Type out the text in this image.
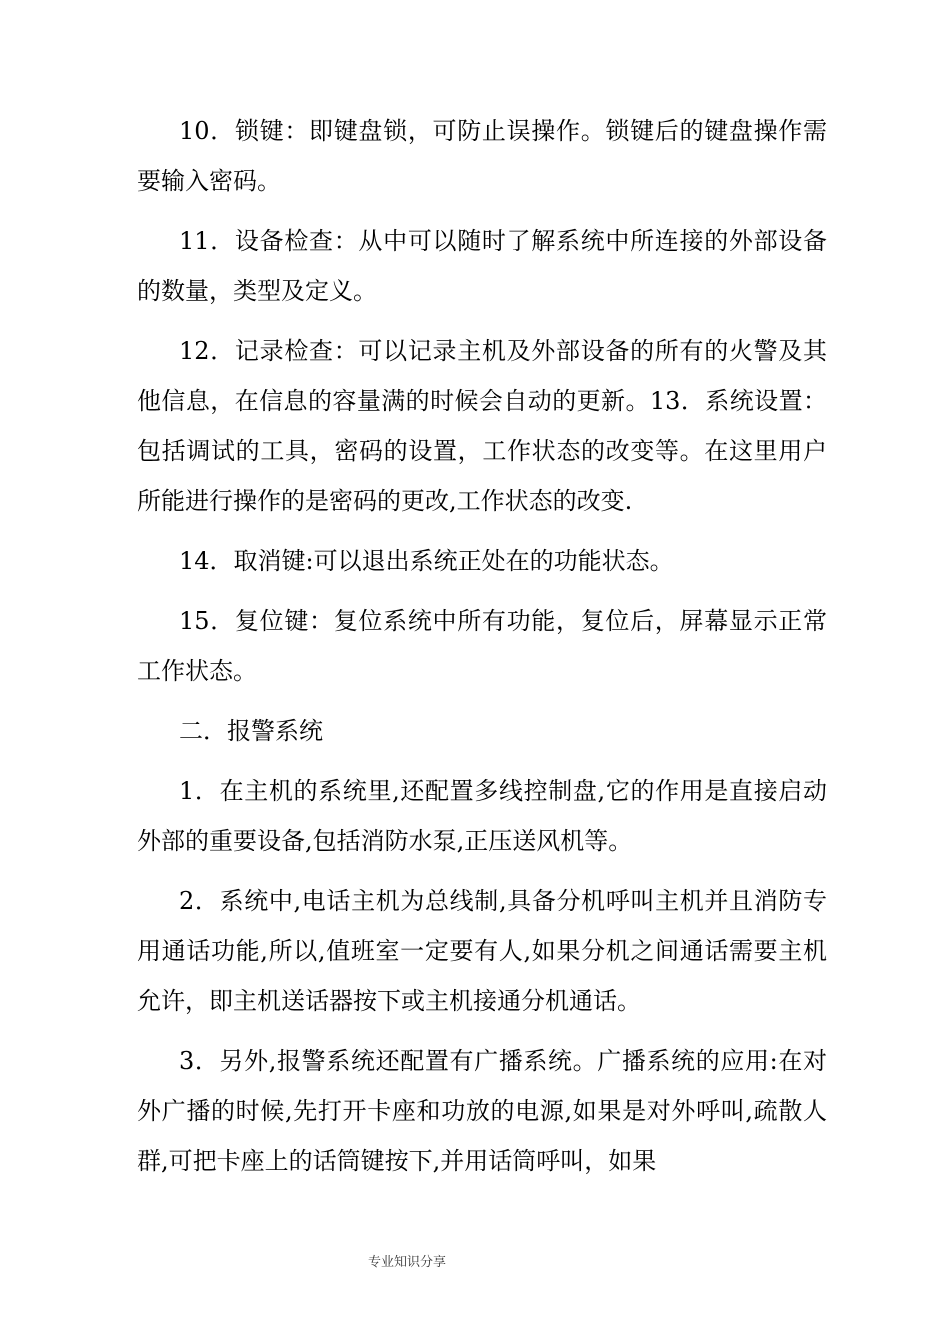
10．锁键：即键盘锁，可防止误操作。锁键后的键盘操作需要输入密码。

11．设备检查：从中可以随时了解系统中所连接的外部设备的数量，类型及定义。

12．记录检查：可以记录主机及外部设备的所有的火警及其他信息，在信息的容量满的时候会自动的更新。13．系统设置：包括调试的工具，密码的设置，工作状态的改变等。在这里用户所能进行操作的是密码的更改,工作状态的改变.

14．取消键:可以退出系统正处在的功能状态。

15．复位键：复位系统中所有功能，复位后，屏幕显示正常工作状态。

二．报警系统

1．在主机的系统里,还配置多线控制盘,它的作用是直接启动外部的重要设备,包括消防水泵,正压送风机等。

2．系统中,电话主机为总线制,具备分机呼叫主机并且消防专用通话功能,所以,值班室一定要有人,如果分机之间通话需要主机允许，即主机送话器按下或主机接通分机通话。

3．另外,报警系统还配置有广播系统。广播系统的应用:在对外广播的时候,先打开卡座和功放的电源,如果是对外呼叫,疏散人群,可把卡座上的话筒键按下,并用话筒呼叫，如果

专业知识分享
